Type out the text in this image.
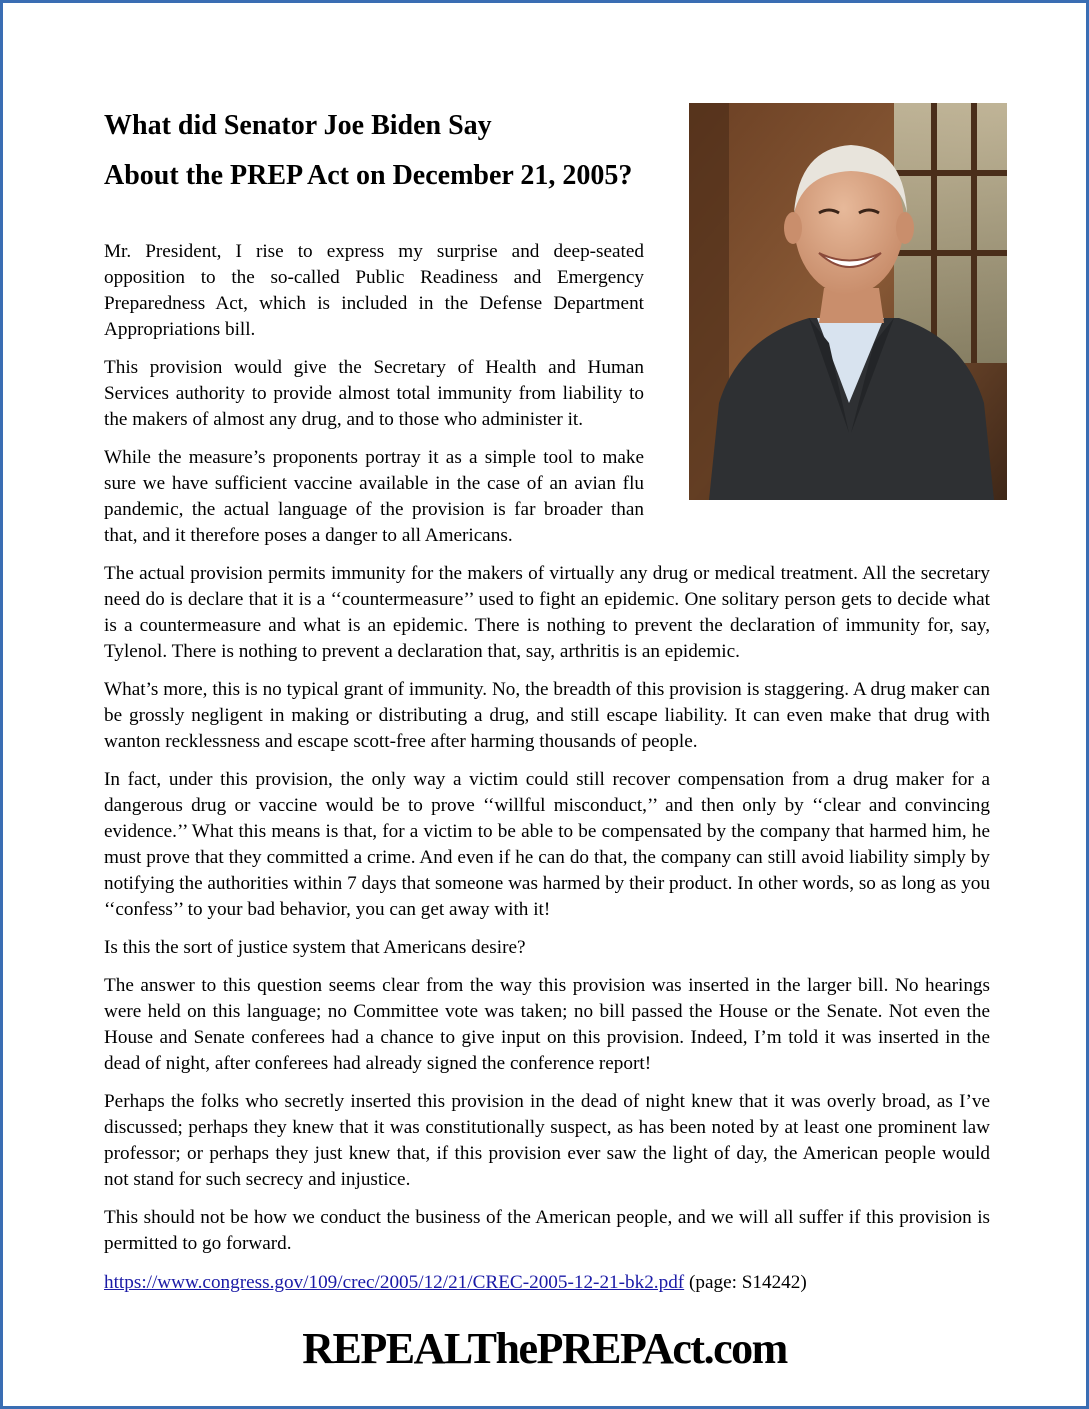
What did Senator Joe Biden Say
About the PREP Act on December 21, 2005?

Mr. President, I rise to express my surprise and deep-seated opposition to the so-called Public Readiness and Emergency Preparedness Act, which is included in the Defense Department Appropriations bill.

This provision would give the Secretary of Health and Human Services authority to provide almost total immunity from liability to the makers of almost any drug, and to those who administer it.

While the measure’s proponents portray it as a simple tool to make sure we have sufficient vaccine available in the case of an avian flu pandemic, the actual language of the provision is far broader than that, and it therefore poses a danger to all Americans.

The actual provision permits immunity for the makers of virtually any drug or medical treatment. All the secretary need do is declare that it is a ‘‘countermeasure’’ used to fight an epidemic. One solitary person gets to decide what is a countermeasure and what is an epidemic. There is nothing to prevent the declaration of immunity for, say, Tylenol. There is nothing to prevent a declaration that, say, arthritis is an epidemic.

What’s more, this is no typical grant of immunity. No, the breadth of this provision is staggering. A drug maker can be grossly negligent in making or distributing a drug, and still escape liability. It can even make that drug with wanton recklessness and escape scott-free after harming thousands of people.

In fact, under this provision, the only way a victim could still recover compensation from a drug maker for a dangerous drug or vaccine would be to prove ‘‘willful misconduct,’’ and then only by ‘‘clear and convincing evidence.’’ What this means is that, for a victim to be able to be compensated by the company that harmed him, he must prove that they committed a crime. And even if he can do that, the company can still avoid liability simply by notifying the authorities within 7 days that someone was harmed by their product. In other words, so as long as you ‘‘confess’’ to your bad behavior, you can get away with it!

Is this the sort of justice system that Americans desire?

The answer to this question seems clear from the way this provision was inserted in the larger bill. No hearings were held on this language; no Committee vote was taken; no bill passed the House or the Senate. Not even the House and Senate conferees had a chance to give input on this provision. Indeed, I’m told it was inserted in the dead of night, after conferees had already signed the conference report!

Perhaps the folks who secretly inserted this provision in the dead of night knew that it was overly broad, as I’ve discussed; perhaps they knew that it was constitutionally suspect, as has been noted by at least one prominent law professor; or perhaps they just knew that, if this provision ever saw the light of day, the American people would not stand for such secrecy and injustice.

This should not be how we conduct the business of the American people, and we will all suffer if this provision is permitted to go forward.

https://www.congress.gov/109/crec/2005/12/21/CREC-2005-12-21-bk2.pdf (page: S14242)

REPEALThePREPAct.com
